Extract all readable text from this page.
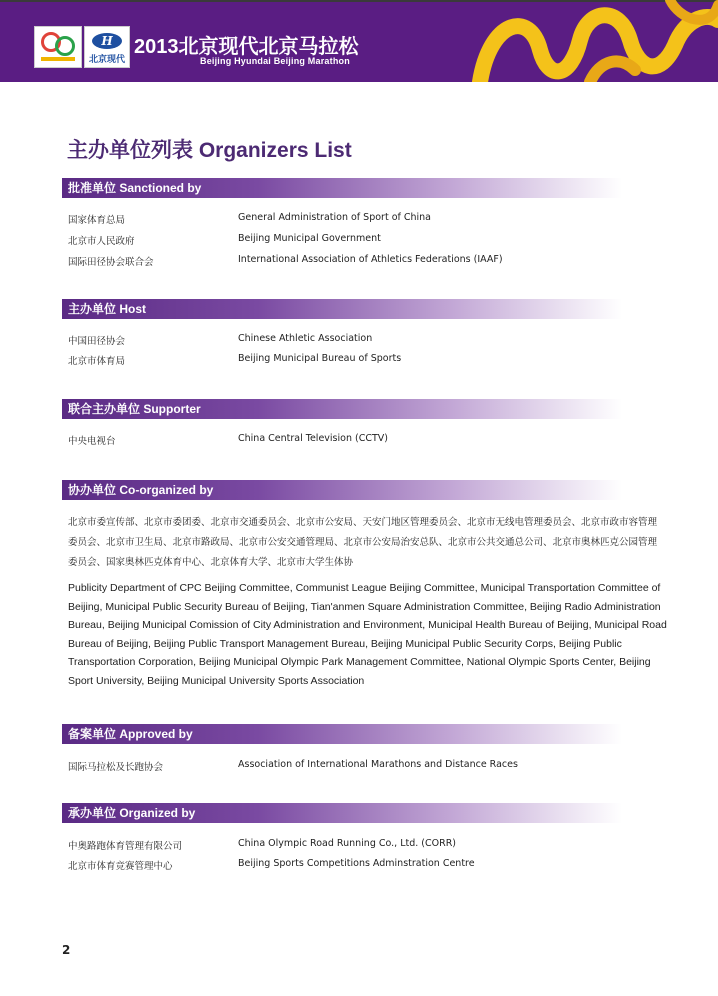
H
北京现代
2013北京现代北京马拉松
Beijing Hyundai Beijing Marathon
主办单位列表 Organizers List
批准单位 Sanctioned by
国家体育总局	General Administration of Sport of China
北京市人民政府	Beijing Municipal Government
国际田径协会联合会	International Association of Athletics Federations (IAAF)
主办单位 Host
中国田径协会	Chinese Athletic Association
北京市体育局	Beijing Municipal Bureau of Sports
联合主办单位 Supporter
中央电视台	China Central Television (CCTV)
协办单位 Co-organized by
北京市委宣传部、北京市委团委、北京市交通委员会、北京市公安局、天安门地区管理委员会、北京市无线电管理委员会、北京市政市容管理委员会、北京市卫生局、北京市路政局、北京市公安交通管理局、北京市公安局治安总队、北京市公共交通总公司、北京市奥林匹克公园管理委员会、国家奥林匹克体育中心、北京体育大学、北京市大学生体协
Publicity Department of CPC Beijing Committee, Communist League Beijing Committee, Municipal Transportation Committee of Beijing, Municipal Public Security Bureau of Beijing, Tian'anmen Square Administration Committee, Beijing Radio Administration Bureau, Beijing Municipal Comission of City Administration and Environment, Municipal Health Bureau of Beijing, Municipal Road Bureau of Beijing, Beijing Public Transport Management Bureau, Beijing Municipal Public Security Corps, Beijing Public Transportation Corporation, Beijing Municipal Olympic Park Management Committee, National Olympic Sports Center, Beijing Sport University, Beijing Municipal University Sports Association
备案单位 Approved by
国际马拉松及长跑协会	Association of International Marathons and Distance Races
承办单位 Organized by
中奥路跑体育管理有限公司	China Olympic Road Running Co., Ltd. (CORR)
北京市体育竞赛管理中心	Beijing Sports Competitions Adminstration Centre
2
